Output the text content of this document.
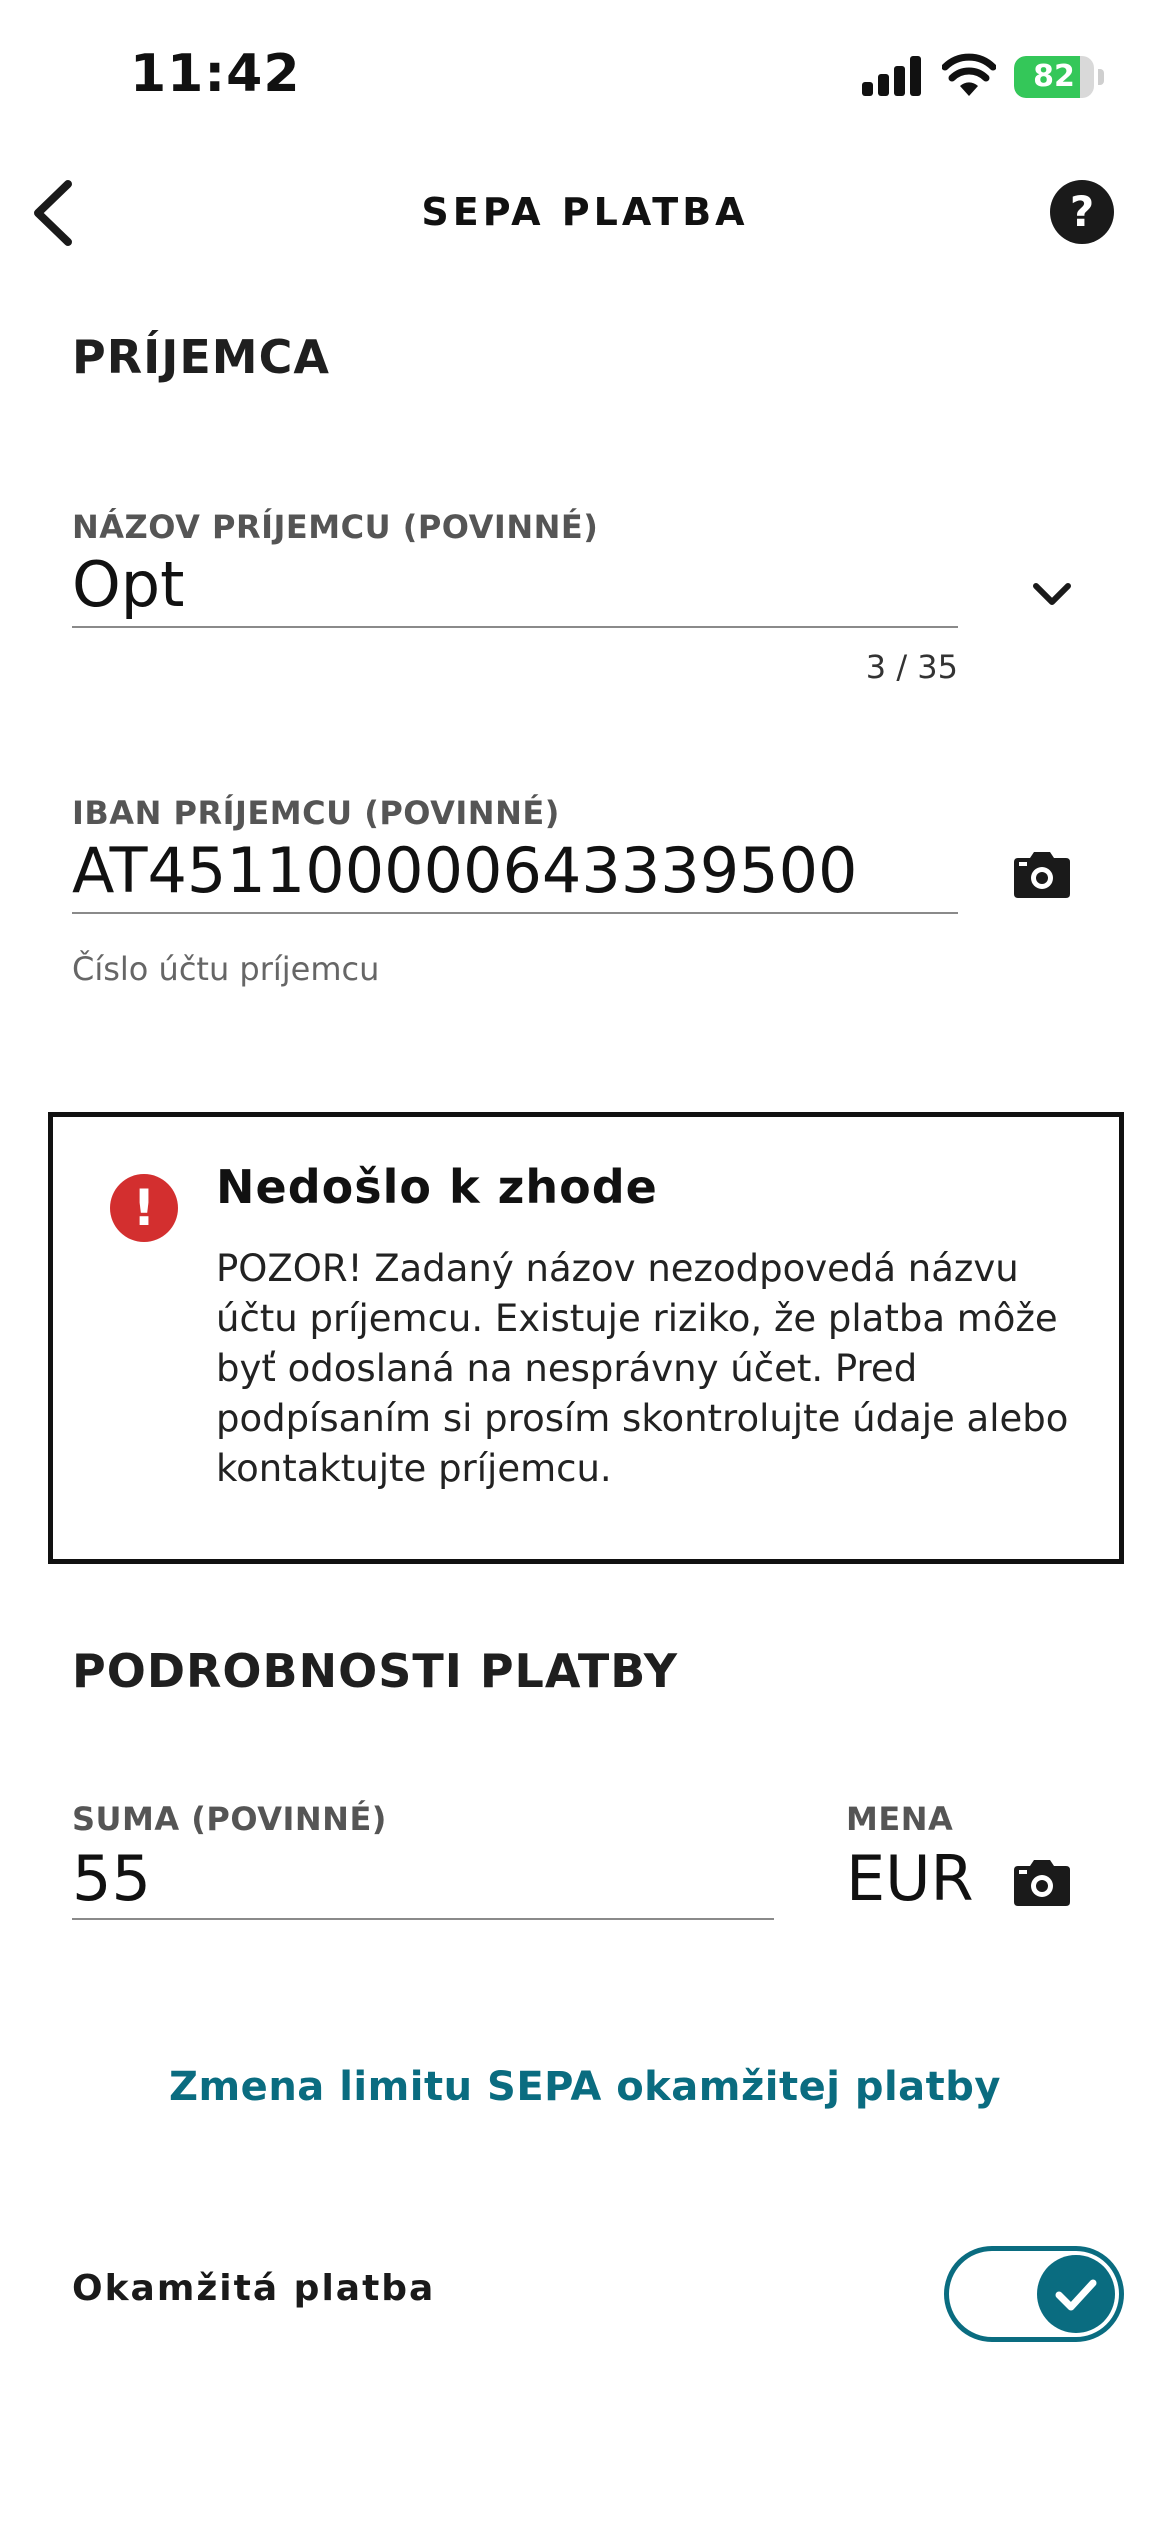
11:42	82
SEPA PLATBA	?
PRÍJEMCA
NÁZOV PRÍJEMCU (POVINNÉ)
Opt
3 / 35
IBAN PRÍJEMCU (POVINNÉ)
AT451100000643339500
Číslo účtu príjemcu
!	Nedošlo k zhode
POZOR! Zadaný názov nezodpovedá názvu účtu príjemcu. Existuje riziko, že platba môže byť odoslaná na nesprávny účet. Pred podpísaním si prosím skontrolujte údaje alebo kontaktujte príjemcu.
PODROBNOSTI PLATBY
SUMA (POVINNÉ)
55
MENA
EUR
Zmena limitu SEPA okamžitej platby
Okamžitá platba
